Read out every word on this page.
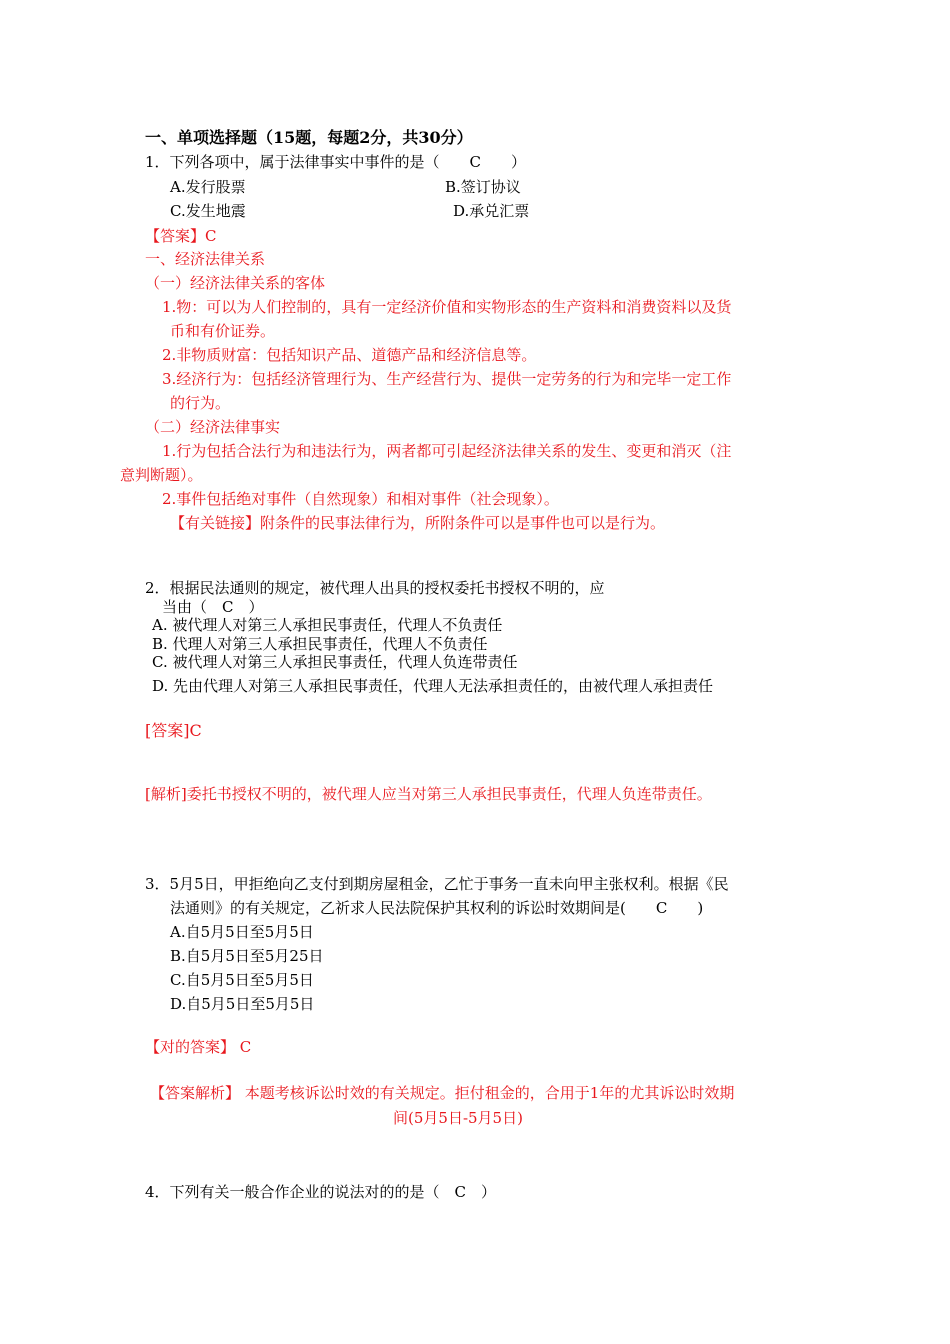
一、单项选择题（15题，每题2分，共30分）
1．下列各项中，属于法律事实中事件的是（　　C　　）
A.发行股票	B.签订协议
C.发生地震	D.承兑汇票
【答案】C
一、经济法律关系
（一）经济法律关系的客体
1.物：可以为人们控制的，具有一定经济价值和实物形态的生产资料和消费资料以及货
币和有价证券。
2.非物质财富：包括知识产品、道德产品和经济信息等。
3.经济行为：包括经济管理行为、生产经营行为、提供一定劳务的行为和完毕一定工作
的行为。
（二）经济法律事实
1.行为包括合法行为和违法行为，两者都可引起经济法律关系的发生、变更和消灭（注
意判断题）。
2.事件包括绝对事件（自然现象）和相对事件（社会现象）。
【有关链接】附条件的民事法律行为，所附条件可以是事件也可以是行为。
2．根据民法通则的规定，被代理人出具的授权委托书授权不明的，应
当由（　C　）
A. 被代理人对第三人承担民事责任，代理人不负责任
B. 代理人对第三人承担民事责任，代理人不负责任
C. 被代理人对第三人承担民事责任，代理人负连带责任
D. 先由代理人对第三人承担民事责任，代理人无法承担责任的，由被代理人承担责任
[答案]C
[解析]委托书授权不明的，被代理人应当对第三人承担民事责任，代理人负连带责任。
3．5月5日，甲拒绝向乙支付到期房屋租金，乙忙于事务一直未向甲主张权利。根据《民
法通则》的有关规定，乙祈求人民法院保护其权利的诉讼时效期间是(　　C　　)
A.自5月5日至5月5日
B.自5月5日至5月25日
C.自5月5日至5月5日
D.自5月5日至5月5日
【对的答案】 C
【答案解析】 本题考核诉讼时效的有关规定。拒付租金的，合用于1年的尤其诉讼时效期
间(5月5日-5月5日)
4．下列有关一般合作企业的说法对的的是（　C　）
